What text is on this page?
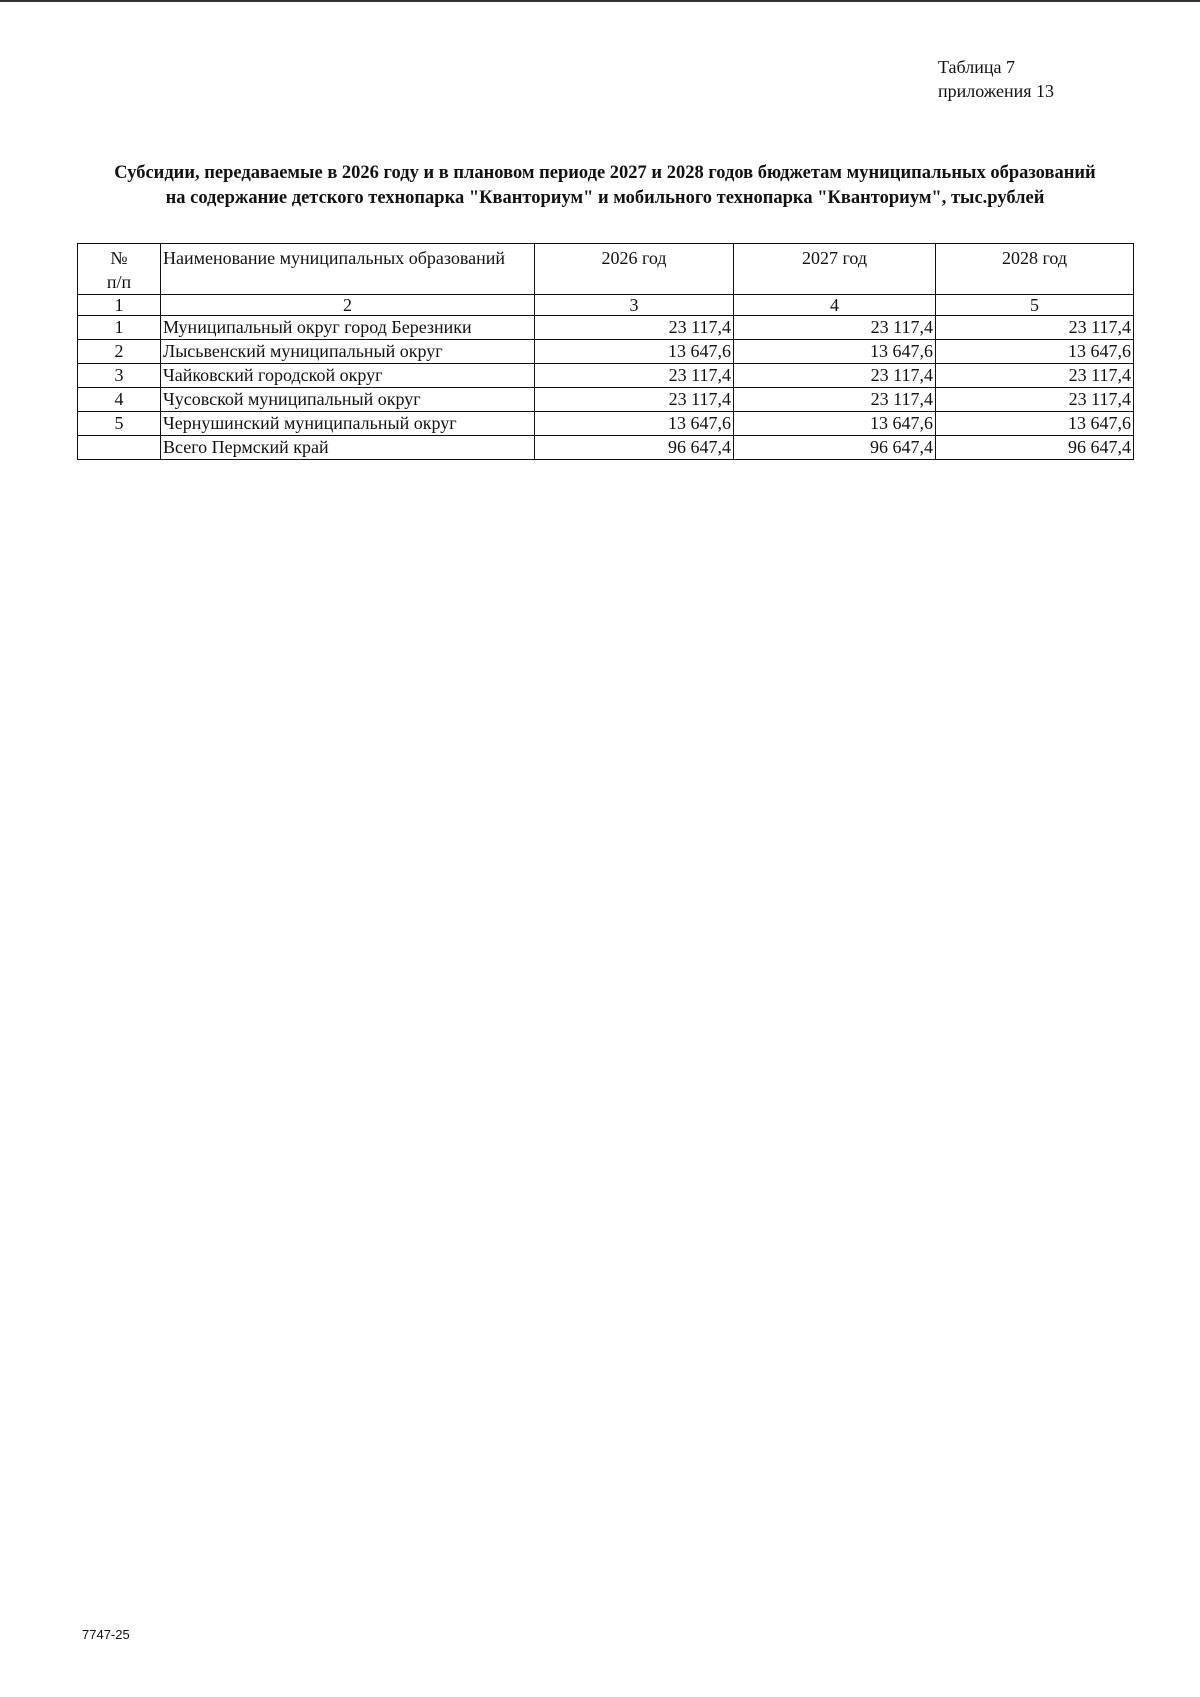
Таблица 7
приложения 13
Субсидии, передаваемые в 2026 году и в плановом периоде 2027 и 2028 годов бюджетам муниципальных образований
на содержание детского технопарка "Кванториум" и мобильного технопарка "Кванториум", тыс.рублей
№
п/п	Наименование муниципальных образований	2026 год	2027 год	2028 год
1	2	3	4	5
1	Муниципальный округ город Березники	23 117,4	23 117,4	23 117,4
2	Лысьвенский муниципальный округ	13 647,6	13 647,6	13 647,6
3	Чайковский городской округ	23 117,4	23 117,4	23 117,4
4	Чусовской муниципальный округ	23 117,4	23 117,4	23 117,4
5	Чернушинский муниципальный округ	13 647,6	13 647,6	13 647,6
	Всего Пермский край	96 647,4	96 647,4	96 647,4
7747-25
